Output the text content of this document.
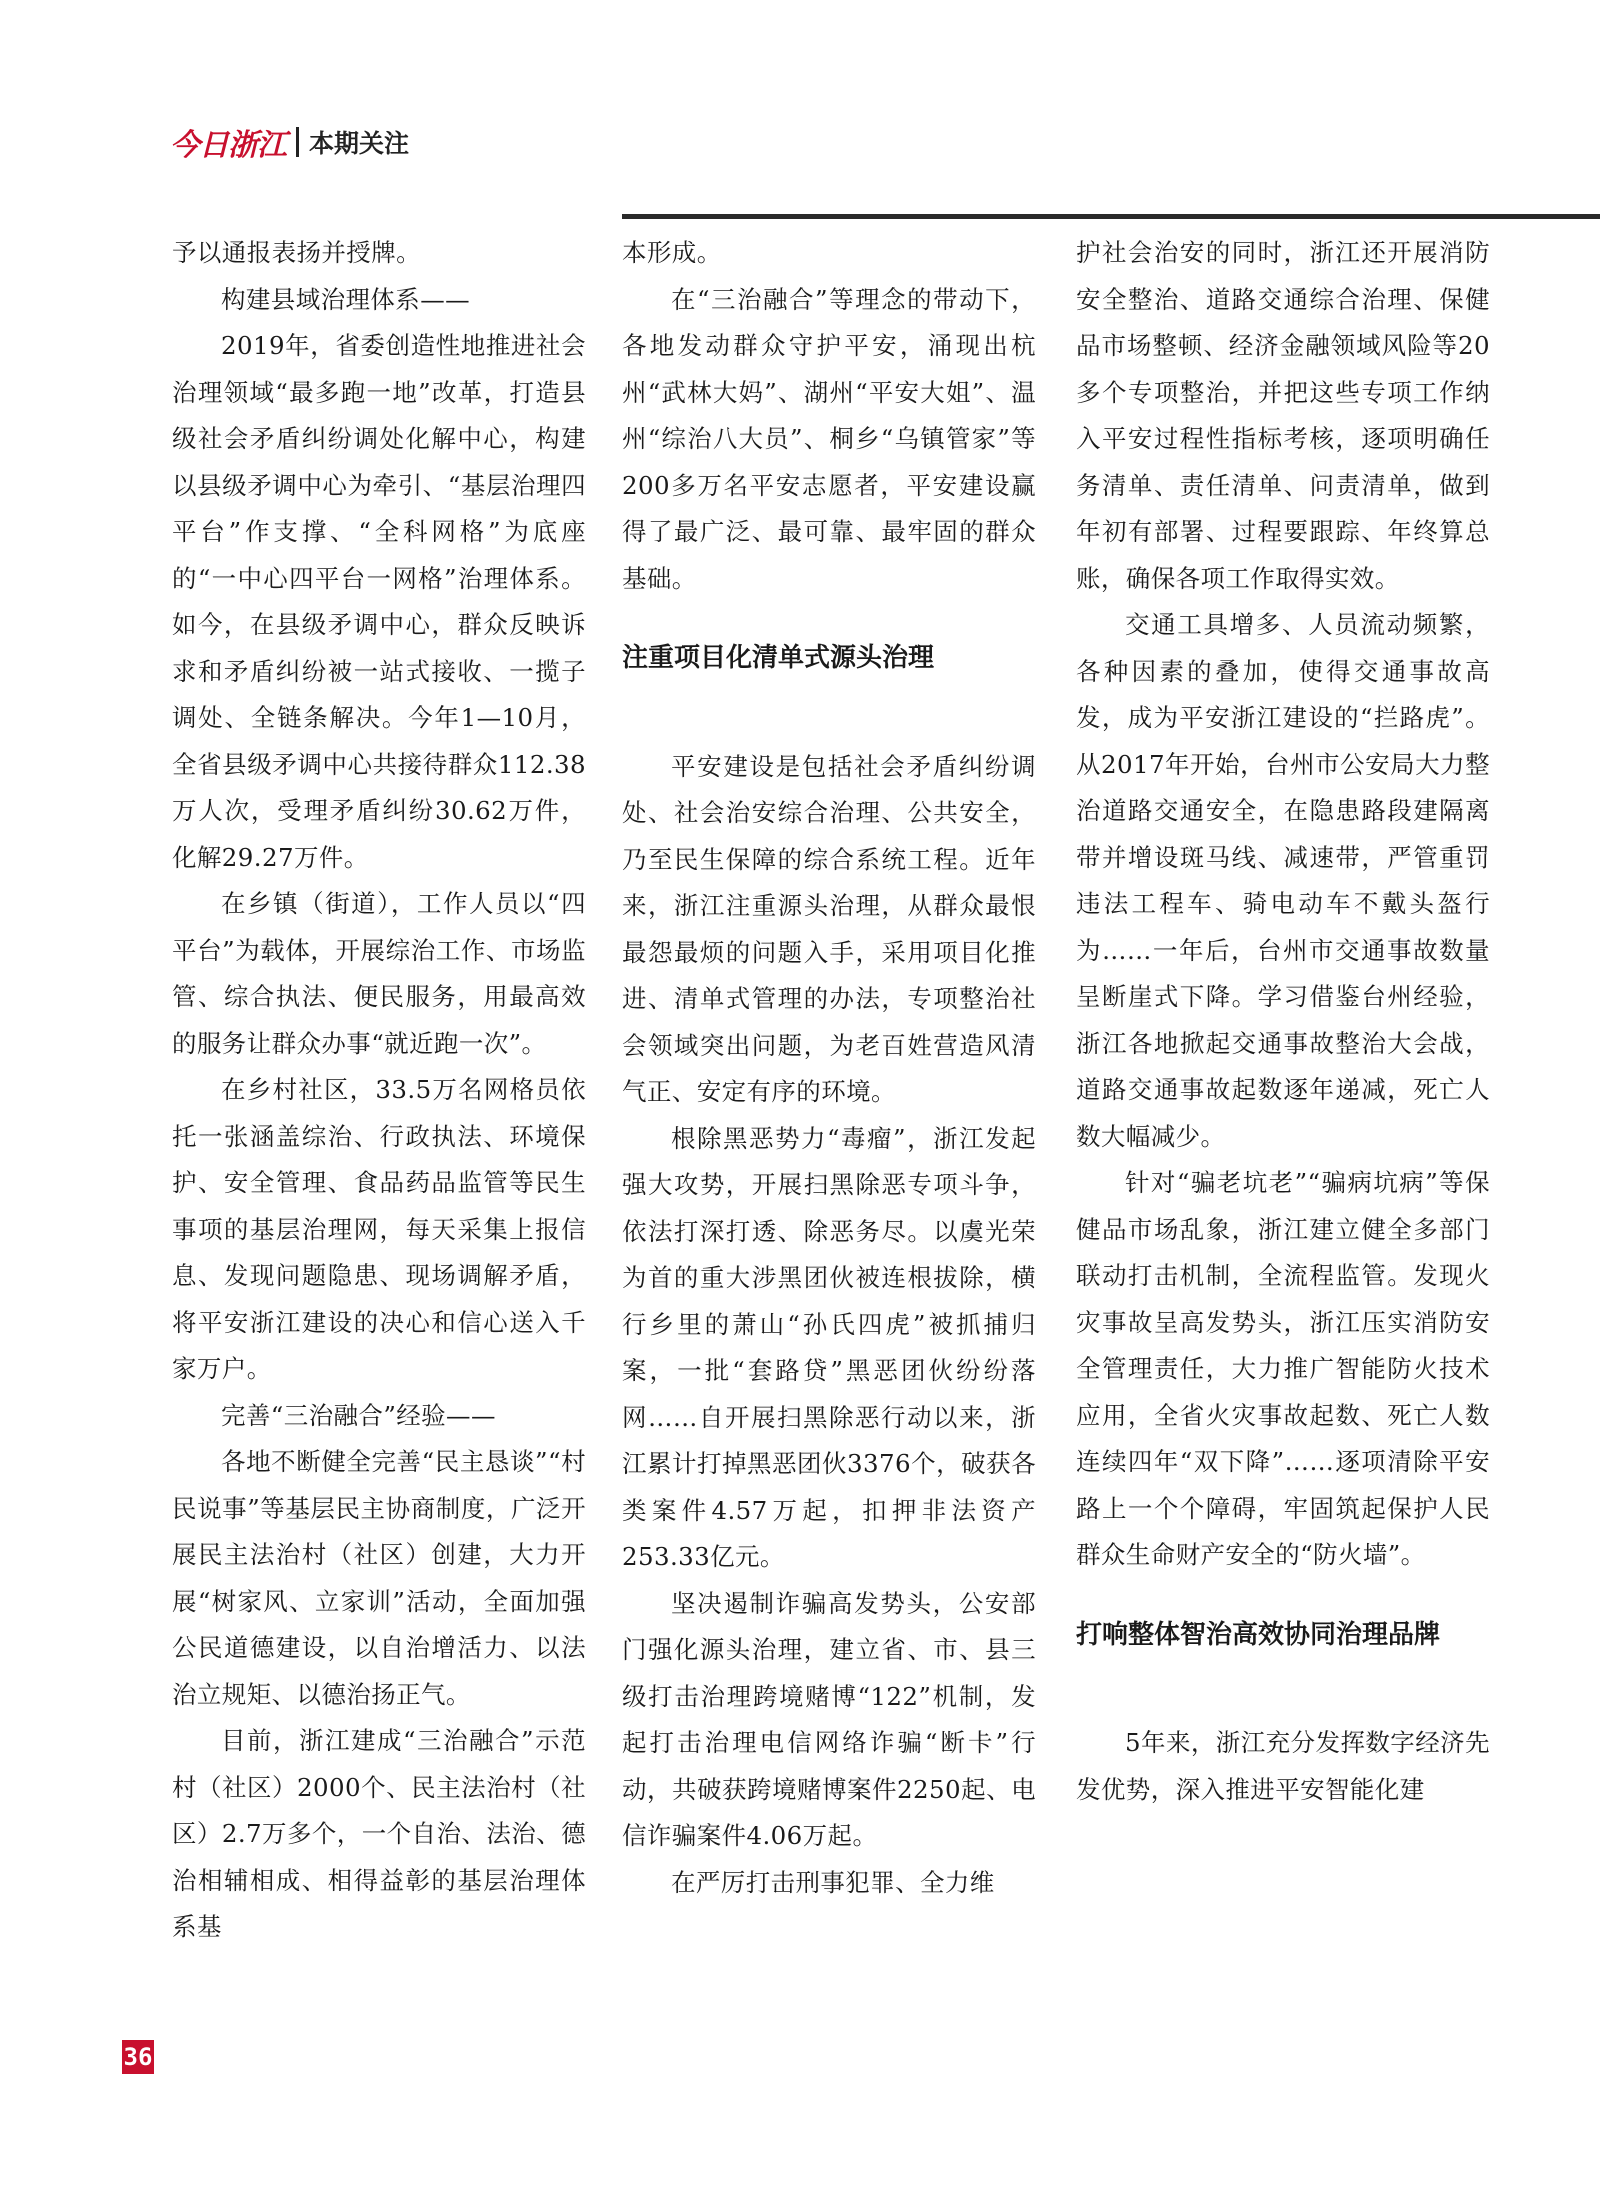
今日浙江 本期关注

予以通报表扬并授牌。

构建县域治理体系——

2019年，省委创造性地推进社会治理领域“最多跑一地”改革，打造县级社会矛盾纠纷调处化解中心，构建以县级矛调中心为牵引、“基层治理四平台”作支撑、“全科网格”为底座的“一中心四平台一网格”治理体系。如今，在县级矛调中心，群众反映诉求和矛盾纠纷被一站式接收、一揽子调处、全链条解决。今年1—10月，全省县级矛调中心共接待群众112.38万人次，受理矛盾纠纷30.62万件，化解29.27万件。

在乡镇（街道），工作人员以“四平台”为载体，开展综治工作、市场监管、综合执法、便民服务，用最高效的服务让群众办事“就近跑一次”。

在乡村社区，33.5万名网格员依托一张涵盖综治、行政执法、环境保护、安全管理、食品药品监管等民生事项的基层治理网，每天采集上报信息、发现问题隐患、现场调解矛盾，将平安浙江建设的决心和信心送入千家万户。

完善“三治融合”经验——

各地不断健全完善“民主恳谈”“村民说事”等基层民主协商制度，广泛开展民主法治村（社区）创建，大力开展“树家风、立家训”活动，全面加强公民道德建设，以自治增活力、以法治立规矩、以德治扬正气。

目前，浙江建成“三治融合”示范村（社区）2000个、民主法治村（社区）2.7万多个，一个自治、法治、德治相辅相成、相得益彰的基层治理体系基

本形成。

在“三治融合”等理念的带动下，各地发动群众守护平安，涌现出杭州“武林大妈”、湖州“平安大姐”、温州“综治八大员”、桐乡“乌镇管家”等200多万名平安志愿者，平安建设赢得了最广泛、最可靠、最牢固的群众基础。

注重项目化清单式源头治理

平安建设是包括社会矛盾纠纷调处、社会治安综合治理、公共安全，乃至民生保障的综合系统工程。近年来，浙江注重源头治理，从群众最恨最怨最烦的问题入手，采用项目化推进、清单式管理的办法，专项整治社会领域突出问题，为老百姓营造风清气正、安定有序的环境。

根除黑恶势力“毒瘤”，浙江发起强大攻势，开展扫黑除恶专项斗争，依法打深打透、除恶务尽。以虞光荣为首的重大涉黑团伙被连根拔除，横行乡里的萧山“孙氏四虎”被抓捕归案，一批“套路贷”黑恶团伙纷纷落网……自开展扫黑除恶行动以来，浙江累计打掉黑恶团伙3376个，破获各类案件4.57万起，扣押非法资产253.33亿元。

坚决遏制诈骗高发势头，公安部门强化源头治理，建立省、市、县三级打击治理跨境赌博“122”机制，发起打击治理电信网络诈骗“断卡”行动，共破获跨境赌博案件2250起、电信诈骗案件4.06万起。

在严厉打击刑事犯罪、全力维

护社会治安的同时，浙江还开展消防安全整治、道路交通综合治理、保健品市场整顿、经济金融领域风险等20多个专项整治，并把这些专项工作纳入平安过程性指标考核，逐项明确任务清单、责任清单、问责清单，做到年初有部署、过程要跟踪、年终算总账，确保各项工作取得实效。

交通工具增多、人员流动频繁，各种因素的叠加，使得交通事故高发，成为平安浙江建设的“拦路虎”。从2017年开始，台州市公安局大力整治道路交通安全，在隐患路段建隔离带并增设斑马线、减速带，严管重罚违法工程车、骑电动车不戴头盔行为……一年后，台州市交通事故数量呈断崖式下降。学习借鉴台州经验，浙江各地掀起交通事故整治大会战，道路交通事故起数逐年递减，死亡人数大幅减少。

针对“骗老坑老”“骗病坑病”等保健品市场乱象，浙江建立健全多部门联动打击机制，全流程监管。发现火灾事故呈高发势头，浙江压实消防安全管理责任，大力推广智能防火技术应用，全省火灾事故起数、死亡人数连续四年“双下降”……逐项清除平安路上一个个障碍，牢固筑起保护人民群众生命财产安全的“防火墙”。

打响整体智治高效协同治理品牌

5年来，浙江充分发挥数字经济先发优势，深入推进平安智能化建

36
